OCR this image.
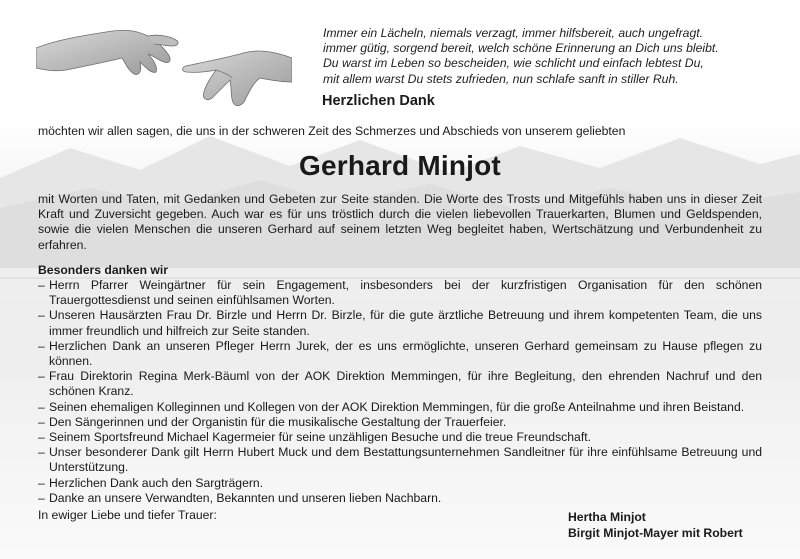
Immer ein Lächeln, niemals verzagt, immer hilfsbereit, auch ungefragt.
immer gütig, sorgend bereit, welch schöne Erinnerung an Dich uns bleibt.
Du warst im Leben so bescheiden, wie schlicht und einfach lebtest Du,
mit allem warst Du stets zufrieden, nun schlafe sanft in stiller Ruh.
Herzlichen Dank
möchten wir allen sagen, die uns in der schweren Zeit des Schmerzes und Abschieds von unserem geliebten
Gerhard Minjot
mit Worten und Taten, mit Gedanken und Gebeten zur Seite standen. Die Worte des Trosts und Mitgefühls haben uns in dieser Zeit Kraft und Zuversicht gegeben. Auch war es für uns tröstlich durch die vielen liebevollen Trauerkarten, Blumen und Geldspenden, sowie die vielen Menschen die unseren Gerhard auf seinem letzten Weg begleitet haben, Wertschätzung und Verbundenheit zu erfahren.
Besonders danken wir
– Herrn Pfarrer Weingärtner für sein Engagement, insbesonders bei der kurzfristigen Organisation für den schönen Trauergottesdienst und seinen einfühlsamen Worten.
– Unseren Hausärzten Frau Dr. Birzle und Herrn Dr. Birzle, für die gute ärztliche Betreuung und ihrem kompetenten Team, die uns immer freundlich und hilfreich zur Seite standen.
– Herzlichen Dank an unseren Pfleger Herrn Jurek, der es uns ermöglichte, unseren Gerhard gemeinsam zu Hause pflegen zu können.
– Frau Direktorin Regina Merk-Bäuml von der AOK Direktion Memmingen, für ihre Begleitung, den ehrenden Nachruf und den schönen Kranz.
– Seinen ehemaligen Kolleginnen und Kollegen von der AOK Direktion Memmingen, für die große Anteilnahme und ihren Beistand.
– Den Sängerinnen und der Organistin für die musikalische Gestaltung der Trauerfeier.
– Seinem Sportsfreund Michael Kagermeier für seine unzähligen Besuche und die treue Freundschaft.
– Unser besonderer Dank gilt Herrn Hubert Muck und dem Bestattungsunternehmen Sandleitner für ihre einfühlsame Betreuung und Unterstützung.
– Herzlichen Dank auch den Sargträgern.
– Danke an unsere Verwandten, Bekannten und unseren lieben Nachbarn.
In ewiger Liebe und tiefer Trauer:	Hertha Minjot
Birgit Minjot-Mayer mit Robert
